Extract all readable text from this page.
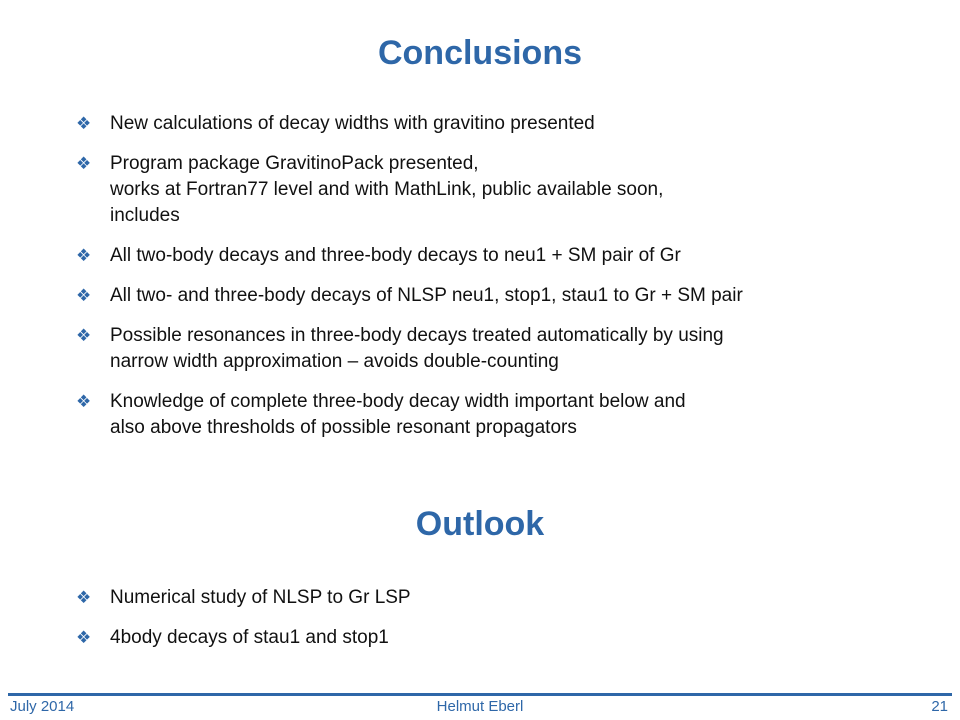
Conclusions
❖ New calculations of decay widths with gravitino presented
❖ Program package GravitinoPack presented,
works at Fortran77 level and with MathLink, public available soon,
includes
❖ All two-body decays and three-body decays to neu1 + SM pair of Gr
❖ All two- and three-body decays of NLSP neu1, stop1, stau1 to Gr + SM pair
❖ Possible resonances in three-body decays treated automatically by using
narrow width approximation – avoids double-counting
❖ Knowledge of complete three-body decay width important below and
also above thresholds of possible resonant propagators
Outlook
❖ Numerical study of NLSP to Gr LSP
❖ 4body decays of stau1 and stop1
July 2014	Helmut Eberl	21
